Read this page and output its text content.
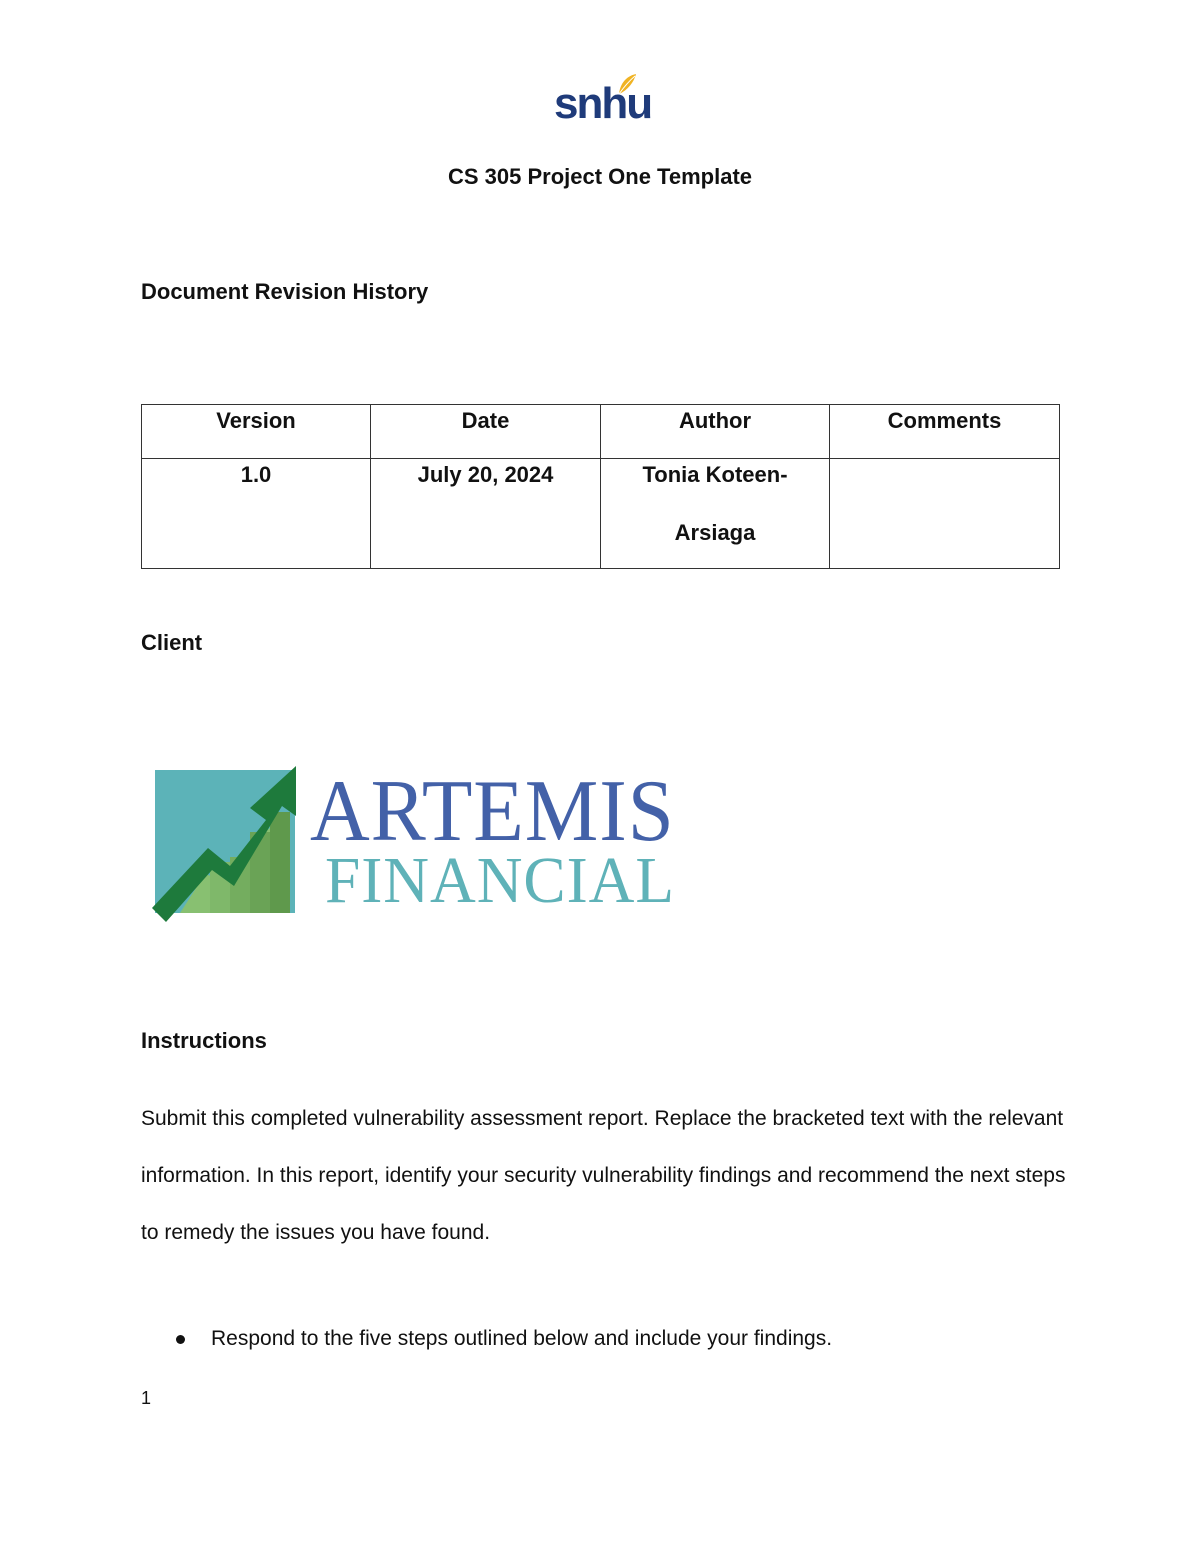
snhu
CS 305 Project One Template
Document Revision History
Version	Date	Author	Comments

1.0	July 20, 2024	Tonia Koteen-
Arsiaga	

Client
ARTEMIS
FINANCIAL
Instructions

Submit this completed vulnerability assessment report. Replace the bracketed text with the relevant information. In this report, identify your security vulnerability findings and recommend the next steps to remedy the issues you have found.

Respond to the five steps outlined below and include your findings.
1
